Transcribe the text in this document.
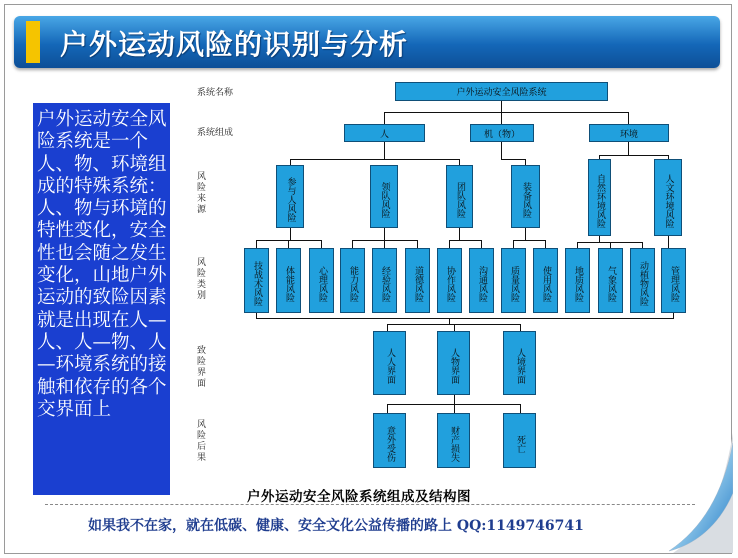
户外运动风险的识别与分析
户外运动安全风险系统是一个人、物、环境组成的特殊系统：人、物与环境的特性变化，安全性也会随之发生变化，山地户外运动的致险因素就是出现在人—人、人—物、人—环境系统的接触和依存的各个交界面上
系统名称
系统组成
风险来源
风险类别
致险界面
风险后果
户外运动安全风险系统
人	机（物）	环境
参与人风险	领队风险	团队风险	装备风险	自然环境风险	人文环境风险
技战术风险 体能风险	心理风险 能力风险 经验风险	道德风险 协作风险 沟通风险 质量风险 使用风险 地质风险	气象风险 动植物风险 管理风险
人人界面	人物界面	人境界面
意外受伤	财产损失	死亡
户外运动安全风险系统组成及结构图
如果我不在家，就在低碳、健康、安全文化公益传播的路上 QQ:1149746741
